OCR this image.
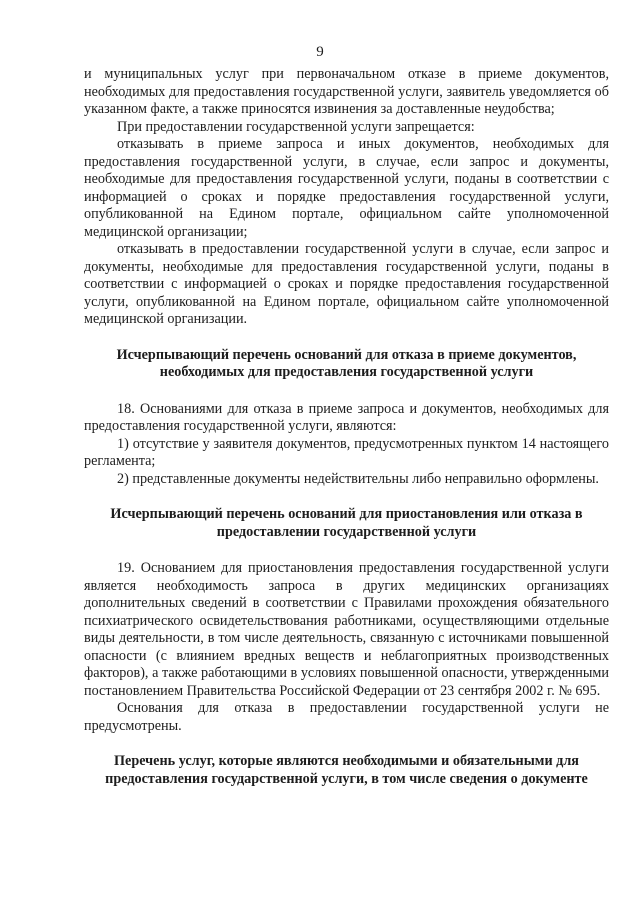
9

и муниципальных услуг при первоначальном отказе в приеме документов, необходимых для предоставления государственной услуги, заявитель уведомляется об указанном факте, а также приносятся извинения за доставленные неудобства;

При предоставлении государственной услуги запрещается:

отказывать в приеме запроса и иных документов, необходимых для предоставления государственной услуги, в случае, если запрос и документы, необходимые для предоставления государственной услуги, поданы в соответствии с информацией о сроках и порядке предоставления государственной услуги, опубликованной на Едином портале, официальном сайте уполномоченной медицинской организации;

отказывать в предоставлении государственной услуги в случае, если запрос и документы, необходимые для предоставления государственной услуги, поданы в соответствии с информацией о сроках и порядке предоставления государственной услуги, опубликованной на Едином портале, официальном сайте уполномоченной медицинской организации.

Исчерпывающий перечень оснований для отказа в приеме документов, необходимых для предоставления государственной услуги

18. Основаниями для отказа в приеме запроса и документов, необходимых для предоставления государственной услуги, являются:

1) отсутствие у заявителя документов, предусмотренных пунктом 14 настоящего регламента;

2) представленные документы недействительны либо неправильно оформлены.

Исчерпывающий перечень оснований для приостановления или отказа в предоставлении государственной услуги

19. Основанием для приостановления предоставления государственной услуги является необходимость запроса в других медицинских организациях дополнительных сведений в соответствии с Правилами прохождения обязательного психиатрического освидетельствования работниками, осуществляющими отдельные виды деятельности, в том числе деятельность, связанную с источниками повышенной опасности (с влиянием вредных веществ и неблагоприятных производственных факторов), а также работающими в условиях повышенной опасности, утвержденными постановлением Правительства Российской Федерации от 23 сентября 2002 г. № 695.

Основания для отказа в предоставлении государственной услуги не предусмотрены.

Перечень услуг, которые являются необходимыми и обязательными для предоставления государственной услуги, в том числе сведения о документе
